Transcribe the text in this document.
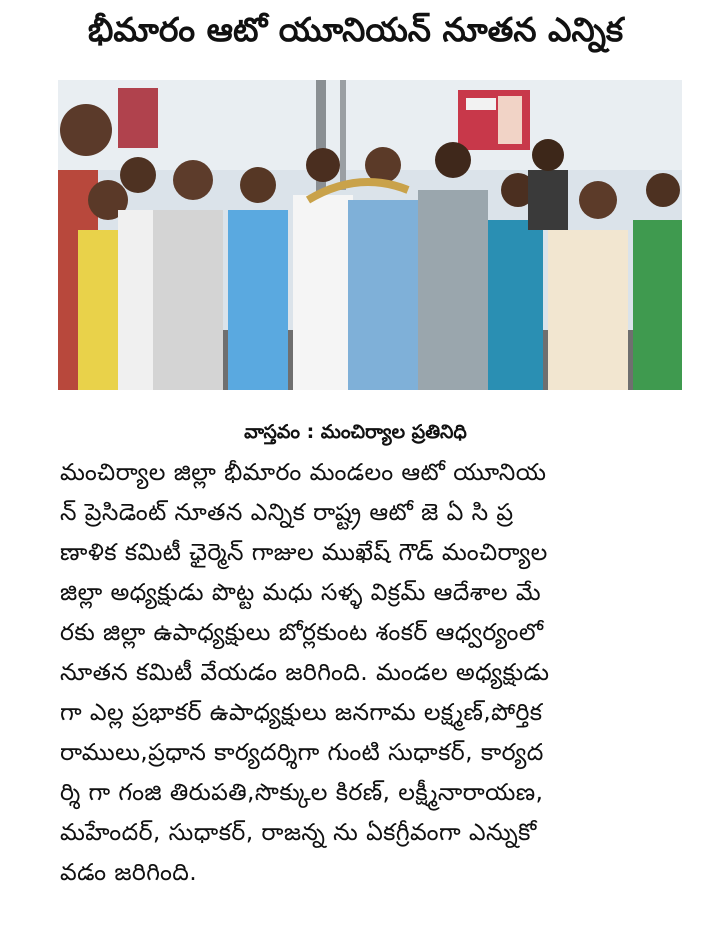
భీమారం ఆటో యూనియన్ నూతన ఎన్నిక
వాస్తవం : మంచిర్యాల ప్రతినిధి
మంచిర్యాల జిల్లా భీమారం మండలం ఆటో యూనియ
న్ ప్రెసిడెంట్ నూతన ఎన్నిక రాష్ట్ర ఆటో జె ఏ సి ప్ర
ణాళిక కమిటీ ఛైర్మెన్ గాజుల ముఖేష్ గౌడ్ మంచిర్యాల
జిల్లా అధ్యక్షుడు పొట్ట మధు సళ్ళ విక్రమ్ ఆదేశాల మే
రకు జిల్లా ఉపాధ్యక్షులు బోర్లకుంట శంకర్ ఆధ్వర్యంలో
నూతన కమిటీ వేయడం జరిగింది. మండల అధ్యక్షుడు
గా ఎల్ల ప్రభాకర్ ఉపాధ్యక్షులు జనగామ లక్ష్మణ్,పోర్తిక
రాములు,ప్రధాన కార్యదర్శిగా గుంటి సుధాకర్, కార్యద
ర్శి గా గంజి తిరుపతి,సొక్కుల కిరణ్, లక్ష్మీనారాయణ,
మహేందర్, సుధాకర్, రాజన్న ను ఏకగ్రీవంగా ఎన్నుకో
వడం జరిగింది.
